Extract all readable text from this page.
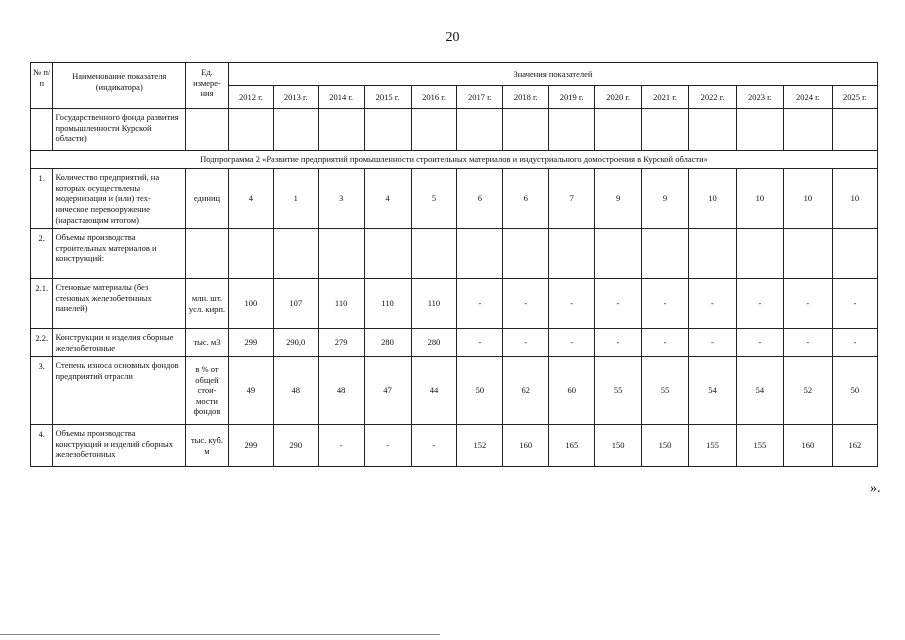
20
№ п/п	Наименование показателя (индикатора)	Ед. измере-ния	Значения показателей													
			2012 г.	2013 г.	2014 г.	2015 г.	2016 г.	2017 г.	2018 г.	2019 г.	2020 г.	2021 г.	2022 г.	2023 г.	2024 г.	2025 г.
	Государственного фонда развития промышленности Курской области)															
Подпрограмма 2 «Развитие предприятий промышленности строительных материалов и индустриального домостроения в Курской области»																
1.	Количество предприятий, на которых осуществлены модернизация и (или) тех-ническое перевооружение (нарастающим итогом)	единиц	4	1	3	4	5	6	6	7	9	9	10	10	10	10
2.	Объемы производства строительных материалов и конструкций:															
2.1.	Стеновые материалы (без стеновых железобетонных панелей)	млн. шт. усл. кирп.	100	107	110	110	110	-	-	-	-	-	-	-	-	-
2.2.	Конструкции и изделия сборные железобетонные	тыс. м3	299	290,0	279	280	280	-	-	-	-	-	-	-	-	-
3.	Степень износа основных фондов предприятий отрасли	в % от общей стои-мости фондов	49	48	48	47	44	50	62	60	55	55	54	54	52	50
4.	Объемы производства конструкций и изделий сборных железобетонных	тыс. куб. м	299	290	-	-	-	152	160	165	150	150	155	155	160	162
».
